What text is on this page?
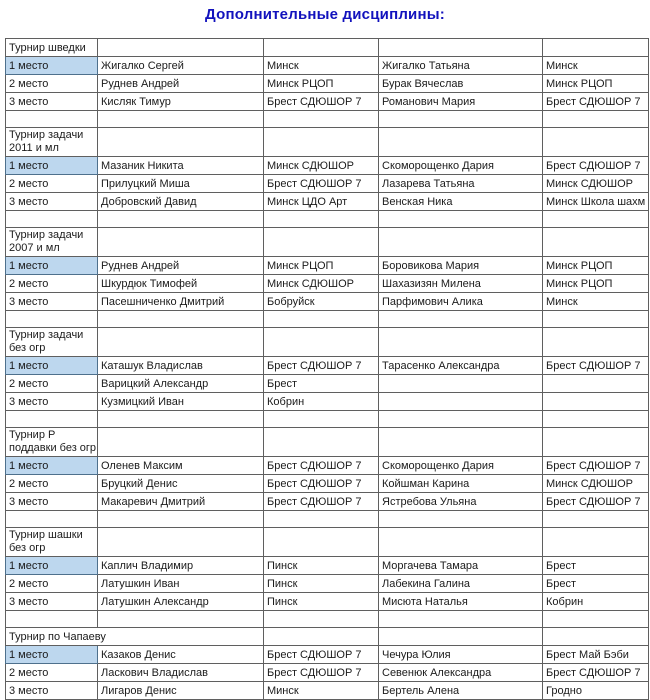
Дополнительные дисциплины:
Турнир шведки				
1 место	Жигалко Сергей	Минск	Жигалко Татьяна	Минск
2 место	Руднев Андрей	Минск РЦОП	Бурак Вячеслав	Минск РЦОП
3 место	Кисляк Тимур	Брест СДЮШОР 7	Романович Мария	Брест СДЮШОР 7

Турнир задачи
2011 и мл				
1 место	Мазаник Никита	Минск СДЮШОР	Скоморощенко Дария	Брест СДЮШОР 7
2 место	Прилуцкий Миша	Брест СДЮШОР 7	Лазарева Татьяна	Минск СДЮШОР
3 место	Добровский Давид	Минск ЦДО Арт	Венская Ника	Минск Школа шахм

Турнир задачи
2007 и мл				
1 место	Руднев Андрей	Минск РЦОП	Боровикова Мария	Минск РЦОП
2 место	Шкурдюк Тимофей	Минск СДЮШОР	Шахазизян Милена	Минск РЦОП
3 место	Пасешниченко Дмитрий	Бобруйск	Парфимович Алика	Минск

Турнир задачи
без огр				
1 место	Каташук Владислав	Брест СДЮШОР 7	Тарасенко Александра	Брест СДЮШОР 7
2 место	Варицкий Александр	Брест		
3 место	Кузмицкий Иван	Кобрин		

Турнир Р
поддавки без огр				
1 место	Оленев Максим	Брест СДЮШОР 7	Скоморощенко Дария	Брест СДЮШОР 7
2 место	Бруцкий Денис	Брест СДЮШОР 7	Койшман Карина	Минск СДЮШОР
3 место	Макаревич Дмитрий	Брест СДЮШОР 7	Ястребова Ульяна	Брест СДЮШОР 7

Турнир шашки
без огр				
1 место	Каплич Владимир	Пинск	Моргачева Тамара	Брест
2 место	Латушкин Иван	Пинск	Лабекина Галина	Брест
3 место	Латушкин Александр	Пинск	Мисюта Наталья	Кобрин

Турнир по Чапаеву				
1 место	Казаков Денис	Брест СДЮШОР 7	Чечура Юлия	Брест Май Бэби
2 место	Ласкович Владислав	Брест СДЮШОР 7	Севенюк Александра	Брест СДЮШОР 7
3 место	Лигаров Денис	Минск	Бертель Алена	Гродно
